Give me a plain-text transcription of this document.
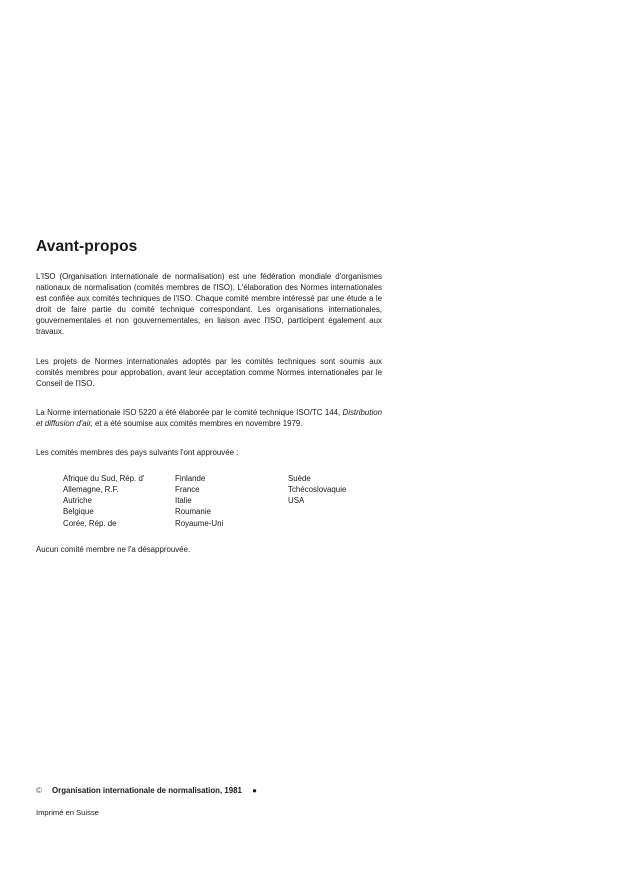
Avant-propos

L'ISO (Organisation internationale de normalisation) est une fédération mondiale d'organismes nationaux de normalisation (comités membres de l'ISO). L'élaboration des Normes internationales est confiée aux comités techniques de l'ISO. Chaque comité membre intéressé par une étude a le droit de faire partie du comité technique correspondant. Les organisations internationales, gouvernementales et non gouvernementales, en liaison avec l'ISO, participent également aux travaux.

Les projets de Normes internationales adoptés par les comités techniques sont soumis aux comités membres pour approbation, avant leur acceptation comme Normes internationales par le Conseil de l'ISO.

La Norme internationale ISO 5220 a été élaborée par le comité technique ISO/TC 144, Distribution et diffusion d'air, et a été soumise aux comités membres en novembre 1979.

Les comités membres des pays suivants l'ont approuvée :

Afrique du Sud, Rép. d'
Allemagne, R.F.
Autriche
Belgique
Corée, Rép. de
Finlande
France
Italie
Roumanie
Royaume-Uni
Suède
Tchécoslovaquie
USA

Aucun comité membre ne l'a désapprouvée.

© Organisation internationale de normalisation, 1981 ●
Imprimé en Suisse
